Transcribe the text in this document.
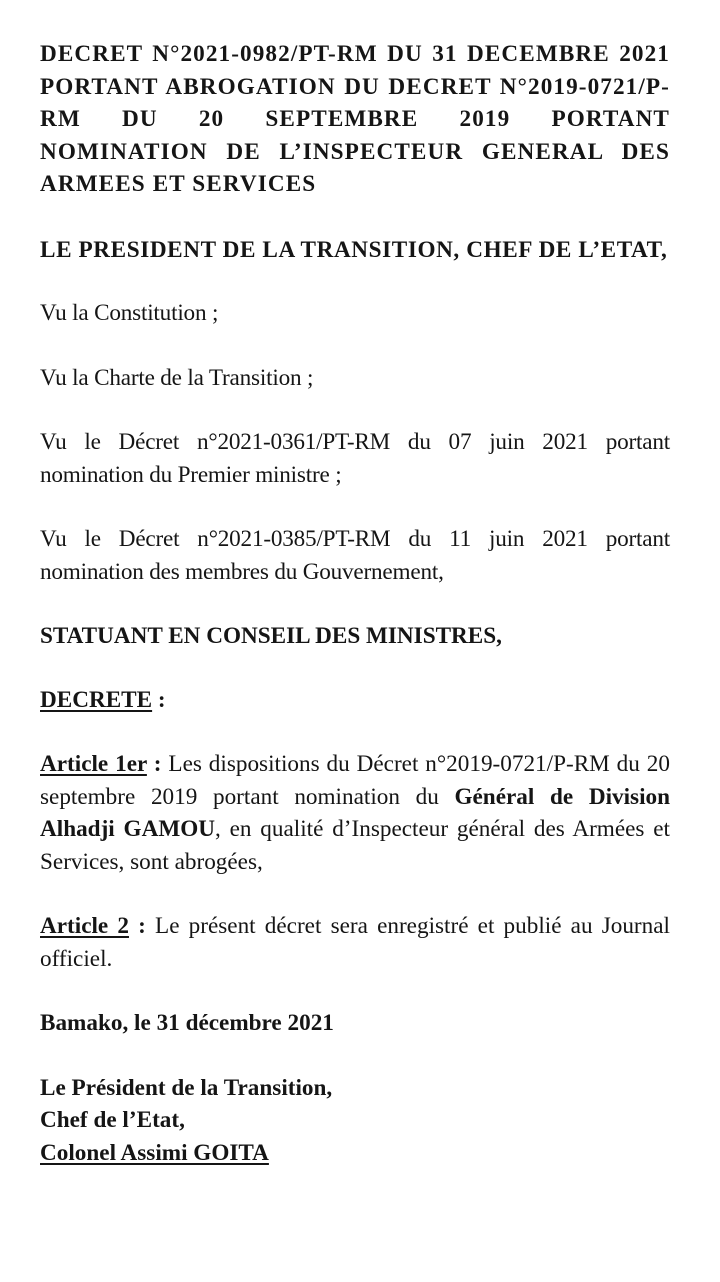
DECRET N°2021-0982/PT-RM DU 31 DECEMBRE 2021 PORTANT ABROGATION DU DECRET N°2019-0721/P-RM DU 20 SEPTEMBRE 2019 PORTANT NOMINATION DE L’INSPECTEUR GENERAL DES ARMEES ET SERVICES

LE PRESIDENT DE LA TRANSITION, CHEF DE L’ETAT,

Vu la Constitution ;
Vu la Charte de la Transition ;
Vu le Décret n°2021-0361/PT-RM du 07 juin 2021 portant nomination du Premier ministre ;
Vu le Décret n°2021-0385/PT-RM du 11 juin 2021 portant nomination des membres du Gouvernement,

STATUANT EN CONSEIL DES MINISTRES,

DECRETE :

Article 1er : Les dispositions du Décret n°2019-0721/P-RM du 20 septembre 2019 portant nomination du Général de Division Alhadji GAMOU, en qualité d’Inspecteur général des Armées et Services, sont abrogées,

Article 2 : Le présent décret sera enregistré et publié au Journal officiel.

Bamako, le 31 décembre 2021

Le Président de la Transition,
Chef de l’Etat,
Colonel Assimi GOITA
